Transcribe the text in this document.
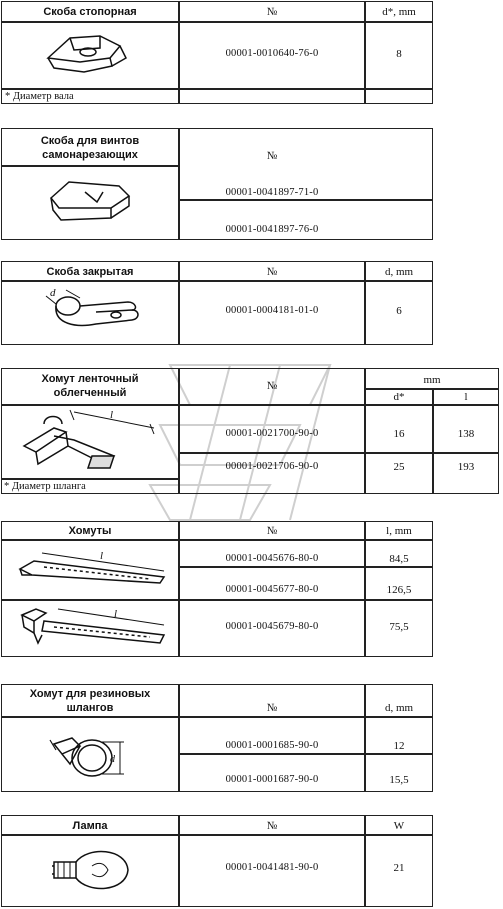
Скоба стопорная	№	d*, mm
00001-0010640-76-0	8
* Диаметр вала
Скоба для винтов
самонарезающих	№
00001-0041897-71-0
00001-0041897-76-0
Скоба закрытая	№	d, mm
00001-0004181-01-0	6
d
Хомут ленточный
облегченный
№	mm
d*	l
00001-0021700-90-0	16	138
00001-0021706-90-0	25	193
* Диаметр шланга
l
Хомуты	№	l, mm
00001-0045676-80-0	84,5
00001-0045677-80-0	126,5
00001-0045679-80-0	75,5
l
l
Хомут для резиновых
шлангов	№	d, mm
00001-0001685-90-0	12
00001-0001687-90-0	15,5
d
Лампа	№	W
00001-0041481-90-0	21
